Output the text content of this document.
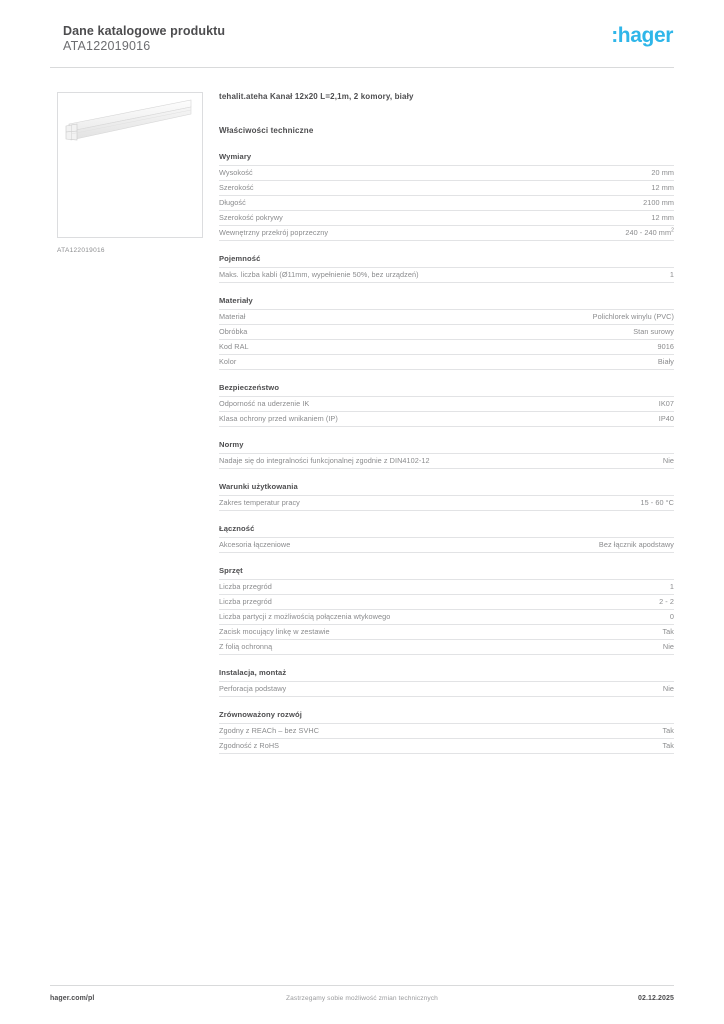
Dane katalogowe produktu
ATA122019016	:hager
ATA122019016
tehalit.ateha Kanał 12x20 L=2,1m, 2 komory, biały
Właściwości techniczne
Wymiary
Wysokość	20 mm
Szerokość	12 mm
Długość	2100 mm
Szerokość pokrywy	12 mm
Wewnętrzny przekrój poprzeczny	240 - 240 $mm^2$
Pojemność
Maks. liczba kabli (Ø11mm, wypełnienie 50%, bez urządzeń)	1
Materiały
Materiał	Polichlorek winylu (PVC)
Obróbka	Stan surowy
Kod RAL	9016
Kolor	Biały
Bezpieczeństwo
Odporność na uderzenie IK	IK07
Klasa ochrony przed wnikaniem (IP)	IP40
Normy
Nadaje się do integralności funkcjonalnej zgodnie z DIN4102-12	Nie
Warunki użytkowania
Zakres temperatur pracy	15 - 60 °C
Łączność
Akcesoria łączeniowe	Bez łącznik apodstawy
Sprzęt
Liczba przegród	1
Liczba przegród	2 - 2
Liczba partycji z możliwością połączenia wtykowego	0
Zacisk mocujący linkę w zestawie	Tak
Z folią ochronną	Nie
Instalacja, montaż
Perforacja podstawy	Nie
Zrównoważony rozwój
Zgodny z REACh – bez SVHC	Tak
Zgodność z RoHS	Tak
hager.com/pl	Zastrzegamy sobie możliwość zmian technicznych	02.12.2025
